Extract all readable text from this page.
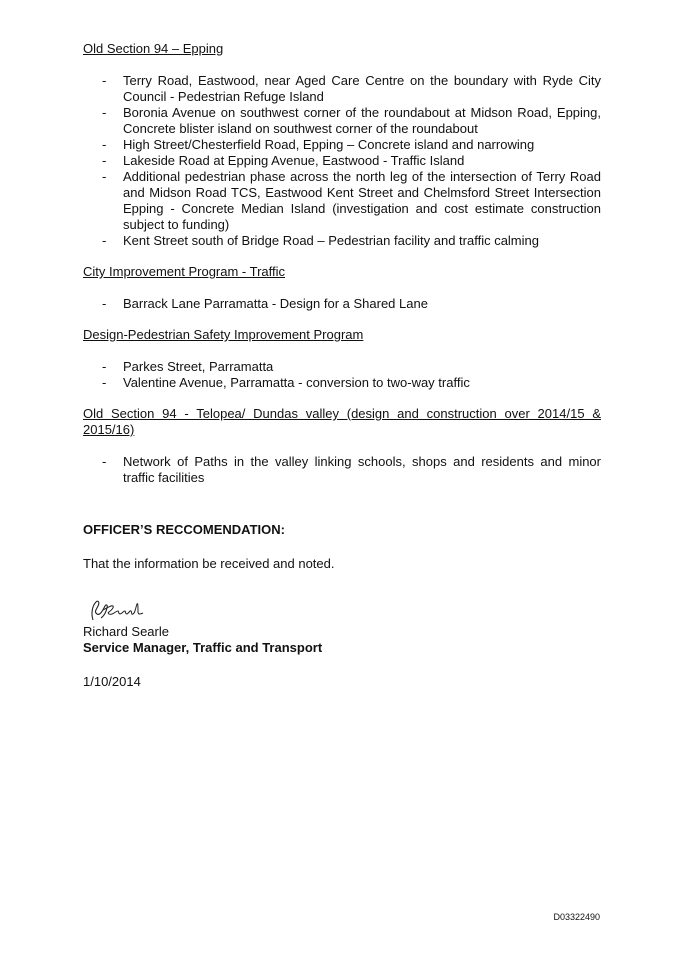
Old Section 94 – Epping

- Terry Road, Eastwood, near Aged Care Centre on the boundary with Ryde City Council - Pedestrian Refuge Island
- Boronia Avenue on southwest corner of the roundabout at Midson Road, Epping, Concrete blister island on southwest corner of the roundabout
- High Street/Chesterfield Road, Epping – Concrete island and narrowing
- Lakeside Road at Epping Avenue, Eastwood - Traffic Island
- Additional pedestrian phase across the north leg of the intersection of Terry Road and Midson Road TCS, Eastwood Kent Street and Chelmsford Street Intersection Epping - Concrete Median Island (investigation and cost estimate construction subject to funding)
- Kent Street south of Bridge Road – Pedestrian facility and traffic calming

City Improvement Program - Traffic

- Barrack Lane Parramatta - Design for a Shared Lane

Design-Pedestrian Safety Improvement Program

- Parkes Street, Parramatta
- Valentine Avenue, Parramatta - conversion to two-way traffic

Old Section 94 - Telopea/ Dundas valley (design and construction over 2014/15 & 2015/16)

- Network of Paths in the valley linking schools, shops and residents and minor traffic facilities

OFFICER’S RECCOMENDATION:

That the information be received and noted.

Richard Searle

Service Manager, Traffic and Transport

1/10/2014

D03322490
